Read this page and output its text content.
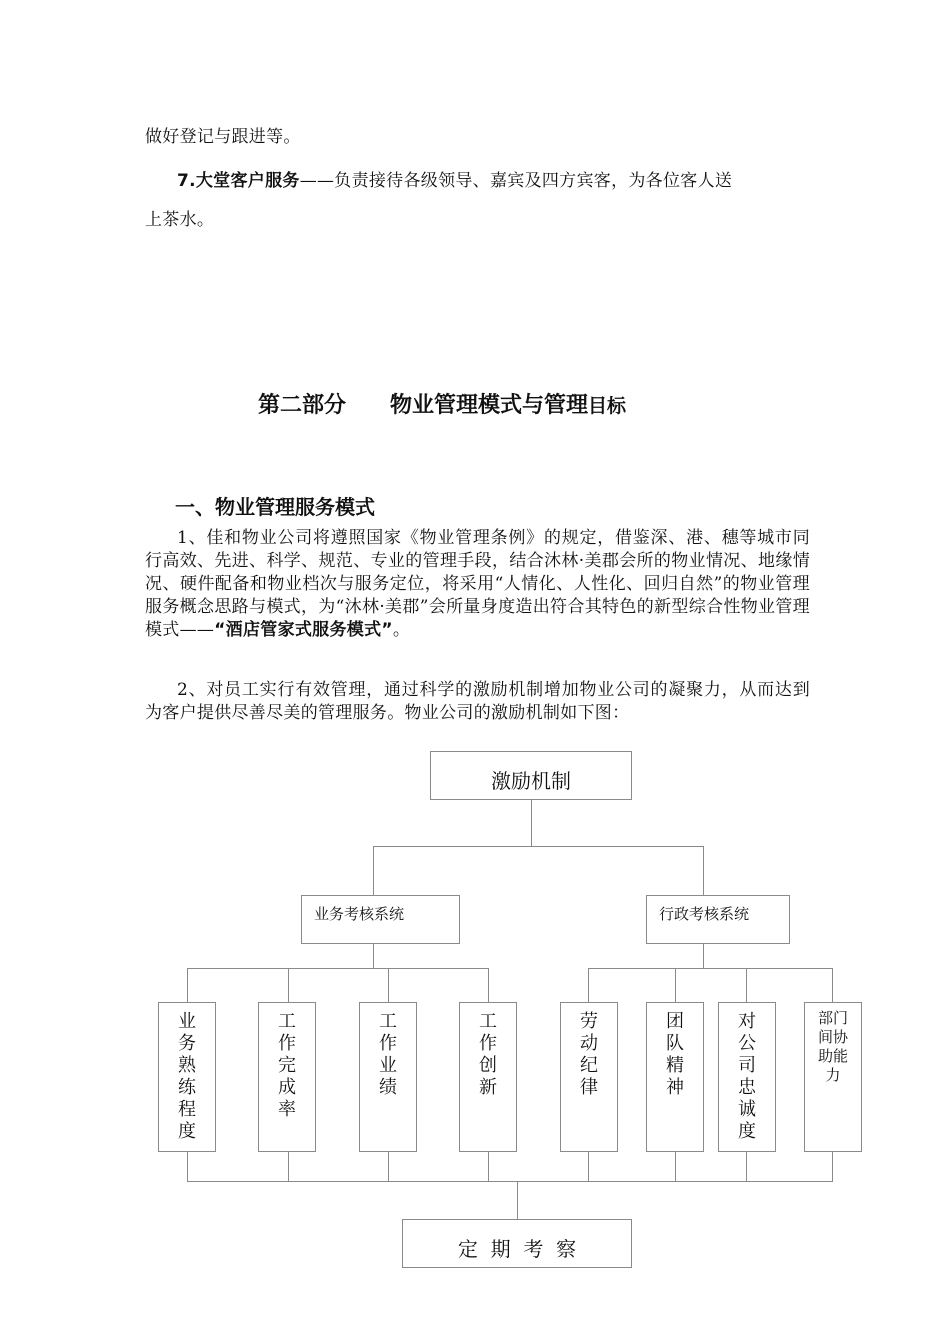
做好登记与跟进等。
7.大堂客户服务——负责接待各级领导、嘉宾及四方宾客，为各位客人送
上茶水。
第二部分 物业管理模式与管理目标
一、物业管理服务模式
1、佳和物业公司将遵照国家《物业管理条例》的规定，借鉴深、港、穗等城市同行高效、先进、科学、规范、专业的管理手段，结合沐林·美郡会所的物业情况、地缘情况、硬件配备和物业档次与服务定位，将采用“人情化、人性化、回归自然”的物业管理服务概念思路与模式，为“沐林·美郡”会所量身度造出符合其特色的新型综合性物业管理模式——“酒店管家式服务模式”。
2、对员工实行有效管理，通过科学的激励机制增加物业公司的凝聚力，从而达到为客户提供尽善尽美的管理服务。物业公司的激励机制如下图：
激励机制
业务考核系统	行政考核系统
业
务
熟
练
程
度
工
作
完
成
率
工
作
业
绩
工
作
创
新
劳
动
纪
律
团
队
精
神
对
公
司
忠
诚
度
部门
间协
助能
力
定  期  考  察
